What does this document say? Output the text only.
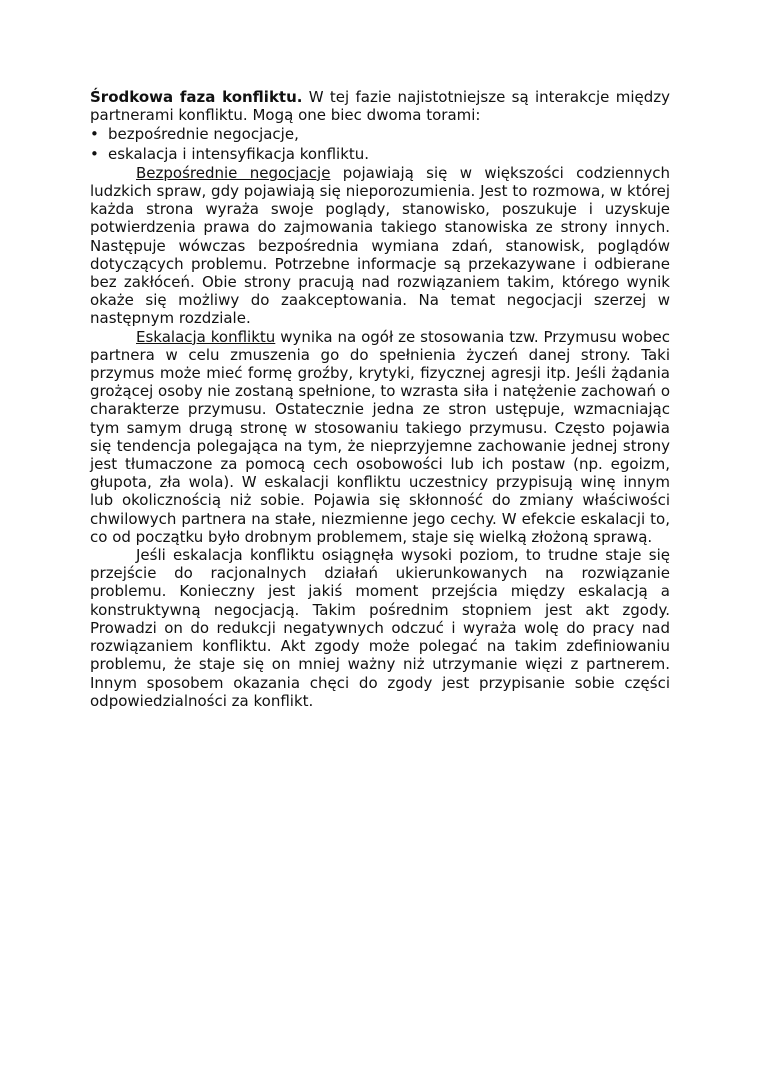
Środkowa faza konfliktu. W tej fazie najistotniejsze są interakcje między partnerami konfliktu. Mogą one biec dwoma torami:

• bezpośrednie negocjacje,
• eskalacja i intensyfikacja konfliktu.

Bezpośrednie negocjacje pojawiają się w większości codziennych ludzkich spraw, gdy pojawiają się nieporozumienia. Jest to rozmowa, w której każda strona wyraża swoje poglądy, stanowisko, poszukuje i uzyskuje potwierdzenia prawa do zajmowania takiego stanowiska ze strony innych. Następuje wówczas bezpośrednia wymiana zdań, stanowisk, poglądów dotyczących problemu. Potrzebne informacje są przekazywane i odbierane bez zakłóceń. Obie strony pracują nad rozwiązaniem takim, którego wynik okaże się możliwy do zaakceptowania. Na temat negocjacji szerzej w następnym rozdziale.

Eskalacja konfliktu wynika na ogół ze stosowania tzw. Przymusu wobec partnera w celu zmuszenia go do spełnienia życzeń danej strony. Taki przymus może mieć formę groźby, krytyki, fizycznej agresji itp. Jeśli żądania grożącej osoby nie zostaną spełnione, to wzrasta siła i natężenie zachowań o charakterze przymusu. Ostatecznie jedna ze stron ustępuje, wzmacniając tym samym drugą stronę w stosowaniu takiego przymusu. Często pojawia się tendencja polegająca na tym, że nieprzyjemne zachowanie jednej strony jest tłumaczone za pomocą cech osobowości lub ich postaw (np. egoizm, głupota, zła wola). W eskalacji konfliktu uczestnicy przypisują winę innym lub okolicznością niż sobie. Pojawia się skłonność do zmiany właściwości chwilowych partnera na stałe, niezmienne jego cechy. W efekcie eskalacji to, co od początku było drobnym problemem, staje się wielką złożoną sprawą.

Jeśli eskalacja konfliktu osiągnęła wysoki poziom, to trudne staje się przejście do racjonalnych działań ukierunkowanych na rozwiązanie problemu. Konieczny jest jakiś moment przejścia między eskalacją a konstruktywną negocjacją. Takim pośrednim stopniem jest akt zgody. Prowadzi on do redukcji negatywnych odczuć i wyraża wolę do pracy nad rozwiązaniem konfliktu. Akt zgody może polegać na takim zdefiniowaniu problemu, że staje się on mniej ważny niż utrzymanie więzi z partnerem. Innym sposobem okazania chęci do zgody jest przypisanie sobie części odpowiedzialności za konflikt.
